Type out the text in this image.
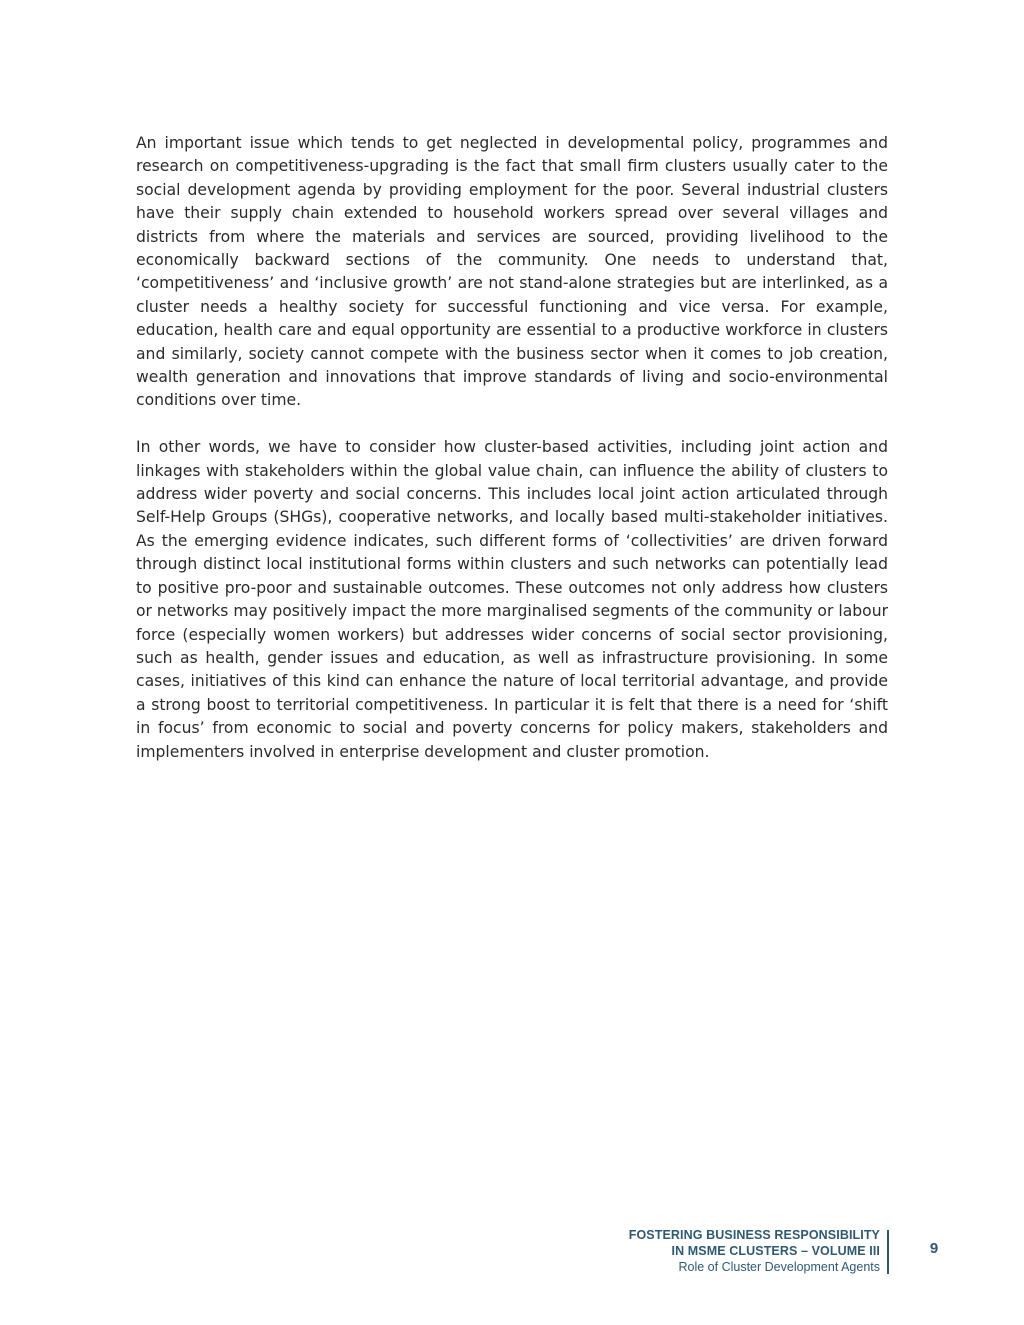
An important issue which tends to get neglected in developmental policy, programmes and research on competitiveness-upgrading is the fact that small firm clusters usually cater to the social development agenda by providing employment for the poor. Several industrial clusters have their supply chain extended to household workers spread over several villages and districts from where the materials and services are sourced, providing livelihood to the economically backward sections of the community. One needs to understand that, ‘competitiveness’ and ‘inclusive growth’ are not stand-alone strategies but are interlinked, as a cluster needs a healthy society for successful functioning and vice versa. For example, education, health care and equal opportunity are essential to a productive workforce in clusters and similarly, society cannot compete with the business sector when it comes to job creation, wealth generation and innovations that improve standards of living and socio-environmental conditions over time.

In other words, we have to consider how cluster-based activities, including joint action and linkages with stakeholders within the global value chain, can influence the ability of clusters to address wider poverty and social concerns. This includes local joint action articulated through Self-Help Groups (SHGs), cooperative networks, and locally based multi-stakeholder initiatives. As the emerging evidence indicates, such different forms of ‘collectivities’ are driven forward through distinct local institutional forms within clusters and such networks can potentially lead to positive pro-poor and sustainable outcomes. These outcomes not only address how clusters or networks may positively impact the more marginalised segments of the community or labour force (especially women workers) but addresses wider concerns of social sector provisioning, such as health, gender issues and education, as well as infrastructure provisioning. In some cases, initiatives of this kind can enhance the nature of local territorial advantage, and provide a strong boost to territorial competitiveness. In particular it is felt that there is a need for ‘shift in focus’ from economic to social and poverty concerns for policy makers, stakeholders and implementers involved in enterprise development and cluster promotion.

FOSTERING BUSINESS RESPONSIBILITY
IN MSME CLUSTERS – VOLUME III
Role of Cluster Development Agents
9
